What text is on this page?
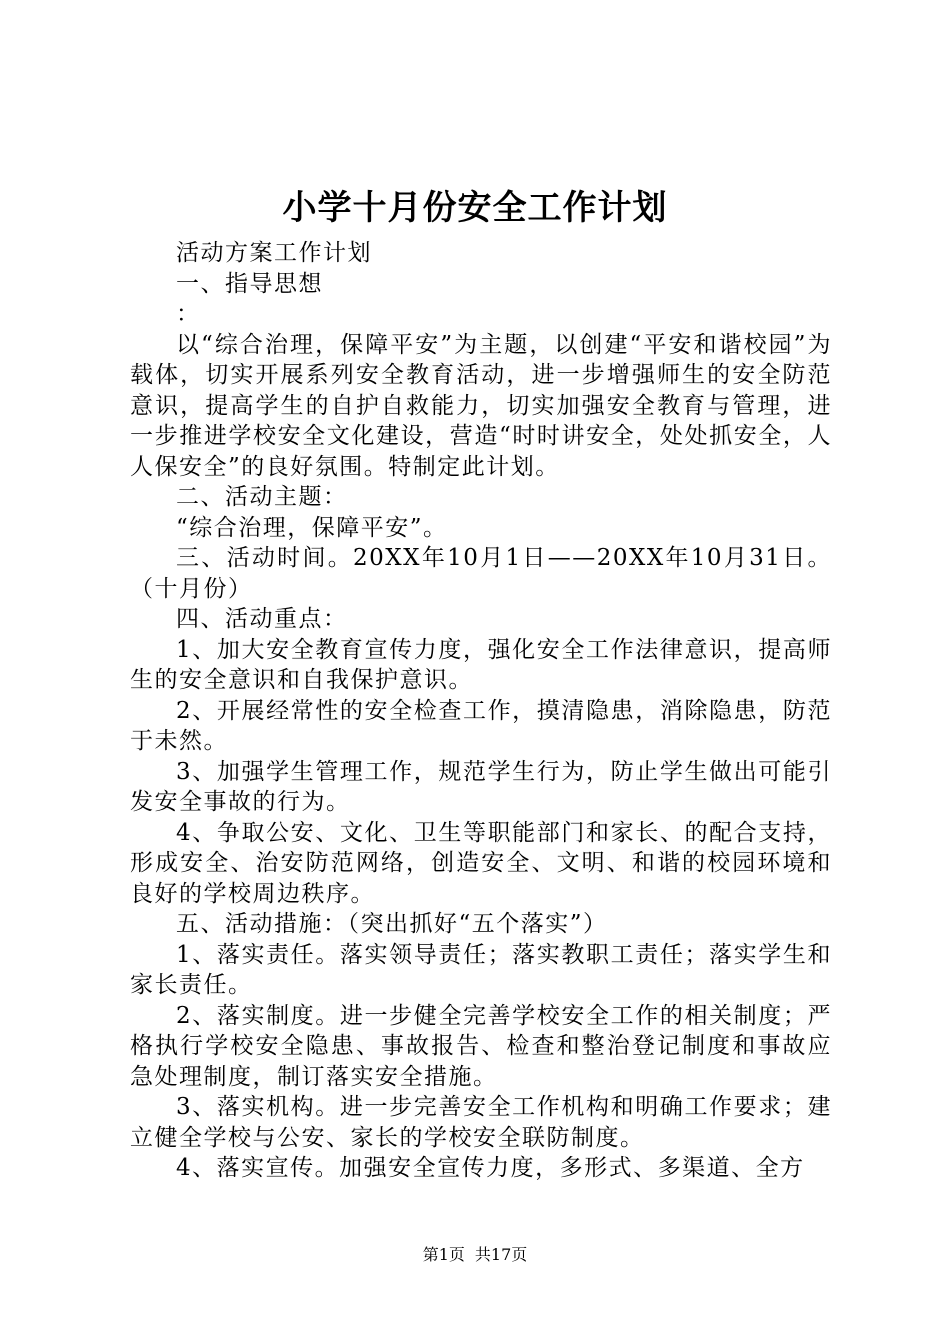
小学十月份安全工作计划

活动方案工作计划

一、指导思想

：

以“综合治理，保障平安”为主题，以创建“平安和谐校园”为载体，切实开展系列安全教育活动，进一步增强师生的安全防范意识，提高学生的自护自救能力，切实加强安全教育与管理，进一步推进学校安全文化建设，营造“时时讲安全，处处抓安全，人人保安全”的良好氛围。特制定此计划。

二、活动主题：

“综合治理，保障平安”。

三、活动时间。20XX年10月1日——20XX年10月31日。（十月份）

四、活动重点：

1、加大安全教育宣传力度，强化安全工作法律意识，提高师生的安全意识和自我保护意识。

2、开展经常性的安全检查工作，摸清隐患，消除隐患，防范于未然。

3、加强学生管理工作，规范学生行为，防止学生做出可能引发安全事故的行为。

4、争取公安、文化、卫生等职能部门和家长、的配合支持，形成安全、治安防范网络，创造安全、文明、和谐的校园环境和良好的学校周边秩序。

五、活动措施：（突出抓好“五个落实”）

1、落实责任。落实领导责任；落实教职工责任；落实学生和家长责任。

2、落实制度。进一步健全完善学校安全工作的相关制度；严格执行学校安全隐患、事故报告、检查和整治登记制度和事故应急处理制度，制订落实安全措施。

3、落实机构。进一步完善安全工作机构和明确工作要求；建立健全学校与公安、家长的学校安全联防制度。

4、落实宣传。加强安全宣传力度，多形式、多渠道、全方

第1页 共17页
